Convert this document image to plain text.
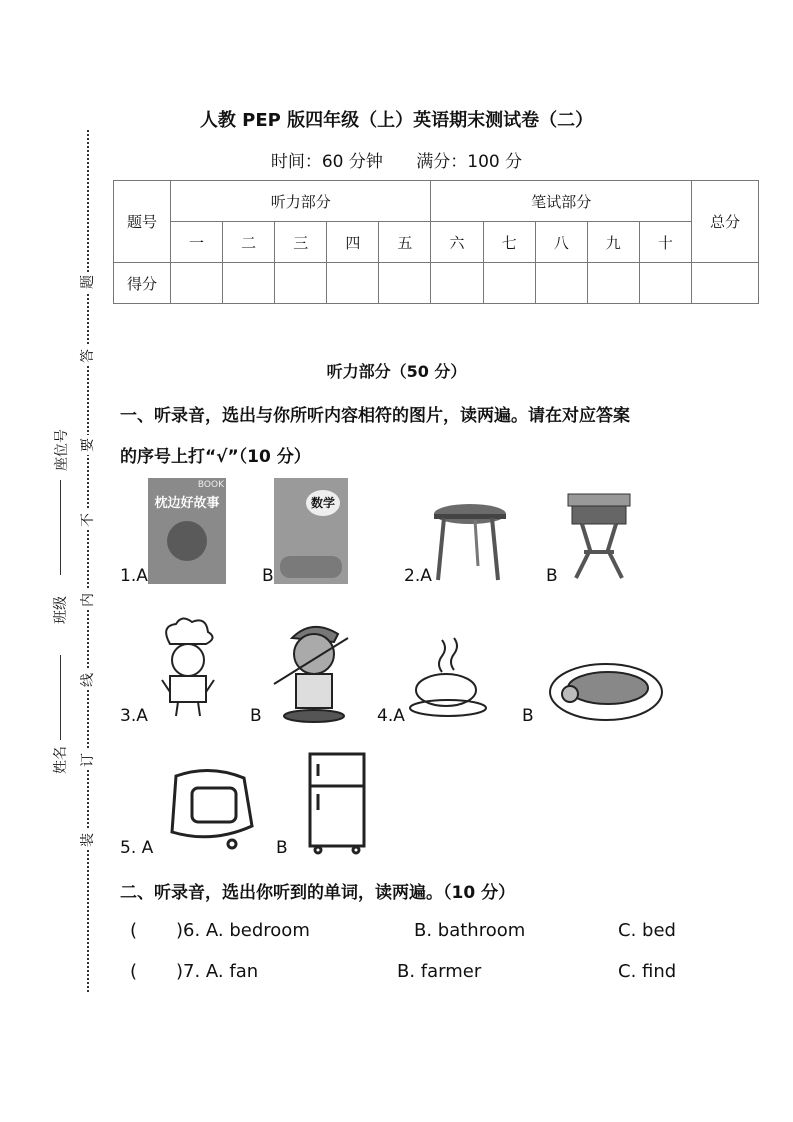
题
答
要
不
内
线
订
装
座位号
班级
姓名
人教 PEP 版四年级（上）英语期末测试卷（二）
时间：60 分钟 满分：100 分
题号	听力部分					笔试部分					总分
	一	二	三	四	五	六	七	八	九	十	
得分											
听力部分（50 分）
一、听录音，选出与你所听内容相符的图片，读两遍。请在对应答案
的序号上打“√”（10 分）
1.A
BOOK
枕边好故事
B
数学
2.A	B
3.A	B	4.A	B
5. A	B
二、听录音，选出你听到的单词，读两遍。（10 分）
( )6. A. bedroom	B. bathroom	C. bed
( )7. A. fan	B. farmer	C. find
